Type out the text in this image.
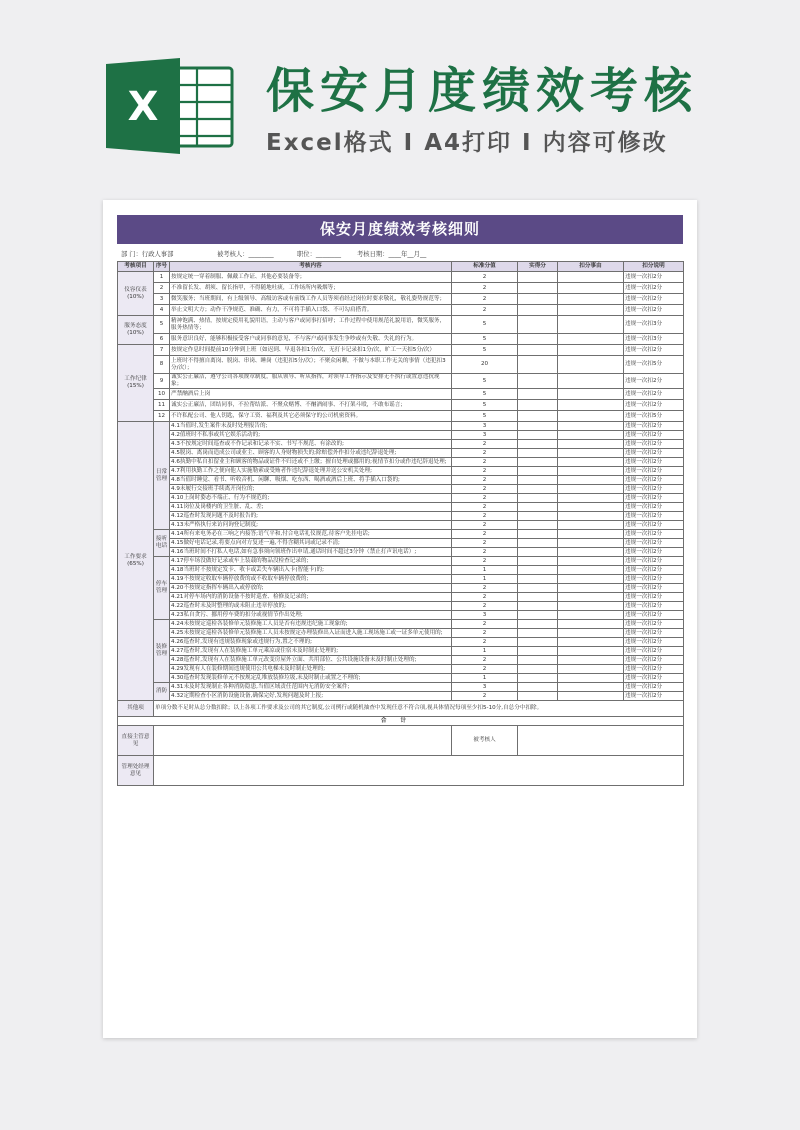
X 保安月度绩效考核
Excel格式 I A4打印 I 内容可修改
保安月度绩效考核细则
部 门：行政人事部	被考核人：________	职位：________	考核日期：____年__月__
考核项目	序号	考核内容	标准分值	实得分	扣分事由	扣分说明
仪容仪表
(10%)	1	按规定统一穿着制服、佩戴工作证、其他必要装备等；	2			违规一次扣2分
	2	不准留长发、胡须、留长指甲，不得随地吐痰，工作场所内吸烟等；	2			违规一次扣2分
	3	微笑服务；当班期间，有上级领导、高级访客或有前线工作人员等须看经过岗位时要求敬礼，敬礼姿势规范等；	2			违规一次扣2分
	4	举止文明大方；动作干净规范、准确、有力，不可将手插入口袋、不可勾肩搭背。	2			违规一次扣2分
服务态度
(10%)	5	精神饱满、热情，按规定使用礼貌用语，主动与客户或同事打招呼；工作过程中使用规范礼貌用语，微笑服务，服务热情等；	5			违规一次扣3分
	6	服务意识良好，能够积极接受客户或同事的意见，不与客户或同事发生争吵或有失敬、失礼的行为。	5			违规一次扣3分
工作纪律
(15%)	7	按规定作息时间提前10分钟到上班（如迟到、早退各扣1分/次，无打卡记录扣1分/次，旷工一天扣5分/次）	5			违规一次扣2分
	8	上班时不得擅自离岗、脱岗、串岗、睡岗（违犯扣5分/次）；不聚众闲聊，不做与本职工作无关的事情（违犯扣3分/次）；	20			违规一次扣5分
	9	诚实公正廉洁，遵守公司各项规章制度，服从领导、听从指挥，对领导工作指示及安排无不执行或置意违抗现象；	5			违规一次扣2分
	10	严禁酗酒后上岗	5			违规一次扣2分
	11	诚实公正廉洁，团结同事，不拉帮结派、不聚众赌博、不酗酒闹事、不打架斗殴，不敢布谣言；	5			违规一次扣2分
	12	不许私配公司、他人钥匙，保守工资、福利及其它必须保守的公司机密资料。	5			违规一次扣5分
工作要求
(65%)	日常
管理	4.1当值时,发生案件未及时处理报告的;	3			违规一次扣2分
		4.2值班时不私事或其它娱乐活动的;	3			违规一次扣2分
		4.3不按规定时间巡查或不作记录和记录不实、书写不规范、有涂改的;	2			违规一次扣2分
		4.5脱岗、离岗而造成公司或业主、顾客的人身财物损失的;除赔偿外作扣分或违纪辞退处理;	2			违规一次扣2分
		4.6执勤中私自扣留业主和顾客的物品或证件不归还或不上缴；擅自处理或挪用的;视情节扣分或作违纪辞退处理;	2			违规一次扣2分
		4.7利用执勤工作之便向他人实施勒索或受贿者作违纪辞退处理并送公安机关处理;	2			违规一次扣2分
		4.8当值时睡觉、看书、听收音机、闲聊、吸烟、吃东西、喝酒或酒后上班、将手插入口袋的;	2			违规一次扣2分
		4.9未履行交接班手续离开岗位的;	2			违规一次扣2分
		4.10上岗时姿态不端正、行为不规范的;	2			违规一次扣2分
		4.11岗位及岗楼内的卫生脏、乱、差;	2			违规一次扣2分
		4.12巡查时发现问题不及时报告的;	2			违规一次扣2分
		4.13未严格执行来访问询登记制度;	2			违规一次扣2分
	接听
电话	4.14所有来电务必在三响之内接答;语气平和,付合电话礼仪规范,待客户先挂电话;	2			违规一次扣2分
		4.15做好电话记录,将要点向对方复述一遍,不得含糊其词或记录不清;	2			违规一次扣2分
		4.16当班时间不打私人电话,如有急事须向领班作出申请,通话时间不超过3分钟（禁止打声讯电话）;	2			违规一次扣2分
	停车
管理	4.17停车场没做好记录或车上装载的物品没检查记录的;	2			违规一次扣2分
		4.18当班时不按规定发卡、收卡或丢失车辆出入卡(智能卡)的;	1			违规一次扣2分
		4.19不按规定收取车辆停放费的或不收取车辆停放费的;	1			违规一次扣2分
		4.20不按规定指挥车辆出入或停放的;	2			违规一次扣2分
		4.21对停车场内的消防设备不按时巡查、检修及记录的;	2			违规一次扣2分
		4.22巡查时未及时整理的或未阻止违章停放的;	2			违规一次扣2分
		4.23私自贪污、挪用停车费的扣分或视情节作出处理;	3			违规一次扣2分
	装修
管理	4.24未按规定巡检各装修单元装修施工人员是否有违规违纪施工现象的;	2			违规一次扣2分
		4.25未按规定巡检各装修单元装修施工人员未按规定办理装修出入证而进入施工现场施工或一证多单元使用的;	2			违规一次扣2分
		4.26巡查时,发现有违规装修现象或违规行为,置之不理的;	2			违规一次扣2分
		4.27巡查时,发现有人在装修施工单元乘凉或住宿未及时制止处理的;	1			违规一次扣2分
		4.28巡查时,发现有人在装修施工单元改变房屋外立面、共用部位、公共设施设备未及时制止处理的;	2			违规一次扣2分
		4.29发现有人在装修期间违规使用公共电梯未及时制止处理的;	2			违规一次扣2分
		4.30巡查时发现装修单元不按规定乱堆放装修垃圾,未及时制止或置之不理的;	1			违规一次扣2分
	消防	4.31未及时发现制止各种消防隐患,当值区域责任范围内无消防安全案件;	3			违规一次扣2分
		4.32定期检查小区消防设施设备,确保完好,发现问题及时上报;	2			违规一次扣2分
其他项	单项分数不足时从总分数扣除；以上各项工作要求及公司的其它制度,公司例行或随机抽查中发现任意不符合项,视具体情况每项至少扣5-10分,自总分中扣除。					
合计						
直接主管意见			被考核人			
管理处经理意见						
